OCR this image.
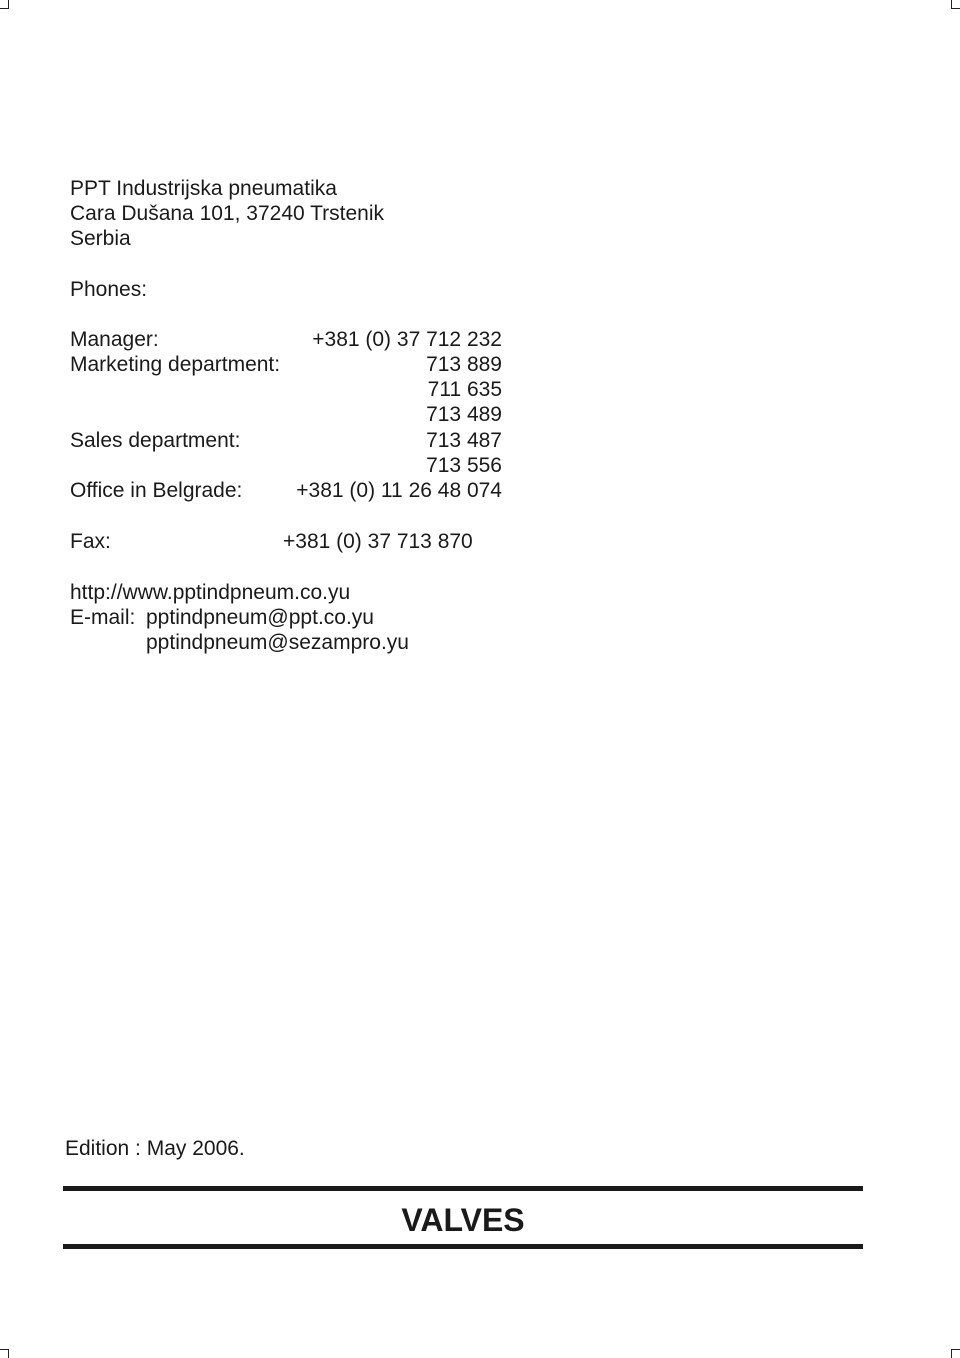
PPT Industrijska pneumatika
Cara Dušana 101, 37240 Trstenik
Serbia
Phones:
Manager:	+381 (0) 37 712 232
Marketing department:	713 889
711 635
713 489
Sales department:	713 487
713 556
Office in Belgrade:	+381 (0) 11 26 48 074
Fax:	+381 (0) 37 713 870
http://www.pptindpneum.co.yu
E-mail: pptindpneum@ppt.co.yu
pptindpneum@sezampro.yu
Edition : May 2006.
VALVES
